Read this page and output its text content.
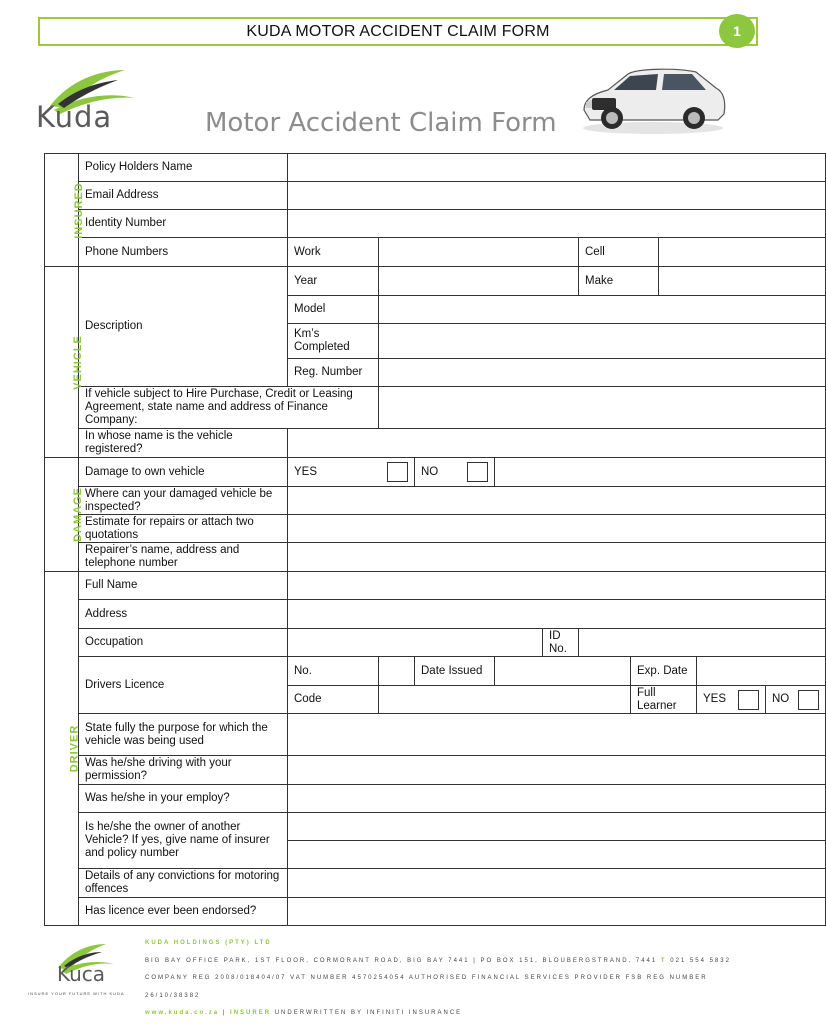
KUDA MOTOR ACCIDENT CLAIM FORM	1
Kuda	Motor Accident Claim Form
INSURED	Policy Holders Name										
	Email Address										
	Identity Number										
	Phone Numbers	Work					Cell				
VEHICLE	Description	Year					Make				
		Model									
		Km’s Completed									
		Reg. Number									
	If vehicle subject to Hire Purchase, Credit or Leasing Agreement, state name and address of Finance Company:										
	In whose name is the vehicle registered?										
DAMAGE	Damage to own vehicle	YES		NO							

	Where can your damaged vehicle be inspected?										
	Estimate for repairs or attach two quotations										
	Repairer’s name, address and telephone number										
DRIVER	Full Name										
	Address										
	Occupation					ID No.					
	Drivers Licence	No.		Date Issued				Exp. Date			
		Code						Full Learner		YES	NO

	State fully the purpose for which the vehicle was being used										
	Was he/she driving with your permission?										
	Was he/she in your employ?										
	Is he/she the owner of another Vehicle? If yes, give name of insurer and policy number										

	Details of any convictions for motoring offences										
	Has licence ever been endorsed?										
Kuca
INSURE YOUR FUTURE WITH KUDA
KUDA HOLDINGS (PTY) LTD
BIG BAY OFFICE PARK, 1ST FLOOR, CORMORANT ROAD, BIG BAY 7441 | PO BOX 151, BLOUBERGSTRAND, 7441 T 021 554 5832
COMPANY REG 2008/018404/07 VAT NUMBER 4570254054 AUTHORISED FINANCIAL SERVICES PROVIDER FSB REG NUMBER 26/10/38382
www.kuda.co.za | INSURER UNDERWRITTEN BY INFINITI INSURANCE
